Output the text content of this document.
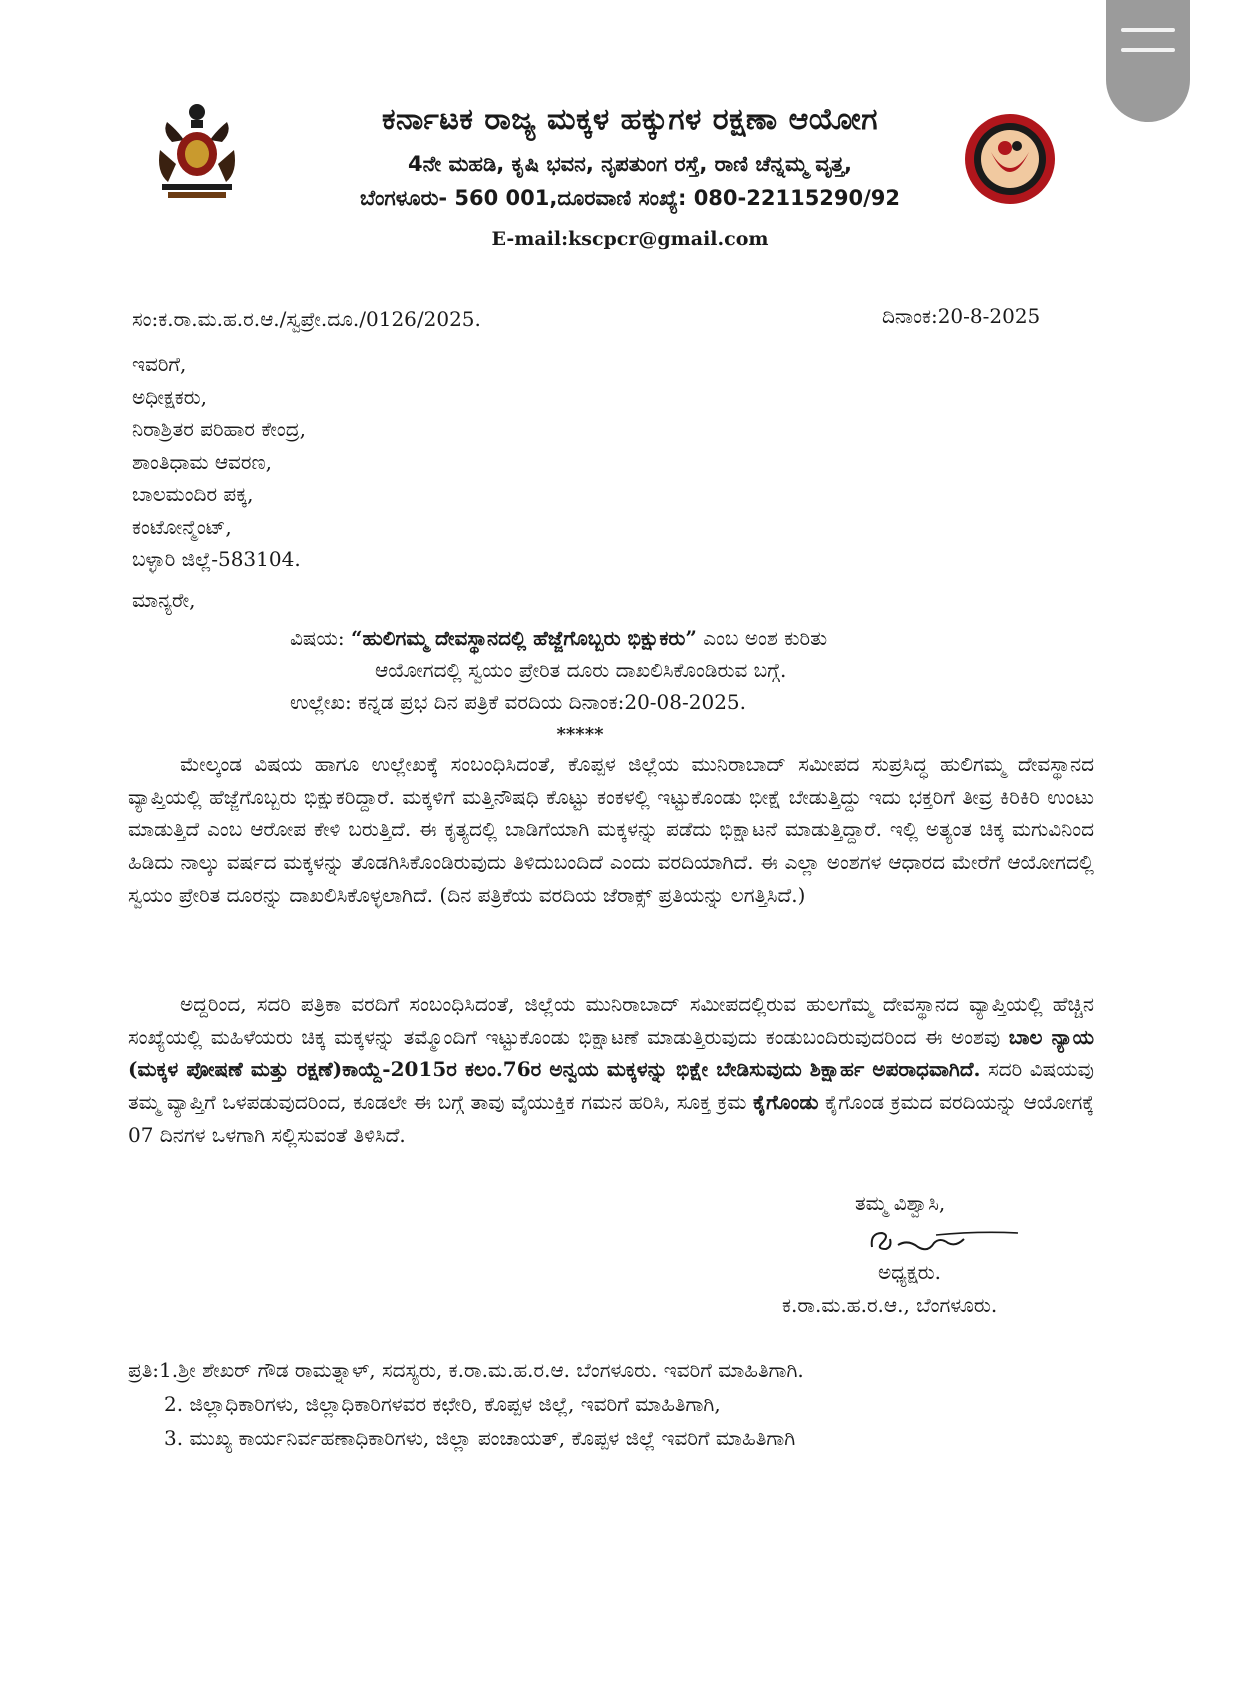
ಕರ್ನಾಟಕ ರಾಜ್ಯ ಮಕ್ಕಳ ಹಕ್ಕುಗಳ ರಕ್ಷಣಾ ಆಯೋಗ
4ನೇ ಮಹಡಿ, ಕೃಷಿ ಭವನ, ನೃಪತುಂಗ ರಸ್ತೆ, ರಾಣಿ ಚೆನ್ನಮ್ಮ ವೃತ್ತ,
ಬೆಂಗಳೂರು- 560 001,ದೂರವಾಣಿ ಸಂಖ್ಯೆ: 080-22115290/92
E-mail:kscpcr@gmail.com
ಸಂ:ಕ.ರಾ.ಮ.ಹ.ರ.ಆ./ಸ್ವಪ್ರೇ.ದೂ./0126/2025.	ದಿನಾಂಕ:20-8-2025
ಇವರಿಗೆ,
ಅಧೀಕ್ಷಕರು,
ನಿರಾಶ್ರಿತರ ಪರಿಹಾರ ಕೇಂದ್ರ,
ಶಾಂತಿಧಾಮ ಆವರಣ,
ಬಾಲಮಂದಿರ ಪಕ್ಕ,
ಕಂಟೋನ್ಮೆಂಟ್,
ಬಳ್ಳಾರಿ ಜಿಲ್ಲೆ-583104.
ಮಾನ್ಯರೇ,
ವಿಷಯ: “ಹುಲಿಗಮ್ಮ ದೇವಸ್ಥಾನದಲ್ಲಿ ಹೆಜ್ಜೆಗೊಬ್ಬರು ಭಿಕ್ಷುಕರು” ಎಂಬ ಅಂಶ ಕುರಿತು
ಆಯೋಗದಲ್ಲಿ ಸ್ವಯಂ ಪ್ರೇರಿತ ದೂರು ದಾಖಲಿಸಿಕೊಂಡಿರುವ ಬಗ್ಗೆ.
ಉಲ್ಲೇಖ: ಕನ್ನಡ ಪ್ರಭ ದಿನ ಪತ್ರಿಕೆ ವರದಿಯ ದಿನಾಂಕ:20-08-2025.
*****
ಮೇಲ್ಕಂಡ ವಿಷಯ ಹಾಗೂ ಉಲ್ಲೇಖಕ್ಕೆ ಸಂಬಂಧಿಸಿದಂತೆ, ಕೊಪ್ಪಳ ಜಿಲ್ಲೆಯ ಮುನಿರಾಬಾದ್ ಸಮೀಪದ ಸುಪ್ರಸಿದ್ಧ ಹುಲಿಗಮ್ಮ ದೇವಸ್ಥಾನದ ವ್ಯಾಪ್ತಿಯಲ್ಲಿ ಹೆಜ್ಜೆಗೊಬ್ಬರು ಭಿಕ್ಷುಕರಿದ್ದಾರೆ. ಮಕ್ಕಳಿಗೆ ಮತ್ತಿನೌಷಧಿ ಕೊಟ್ಟು ಕಂಕಳಲ್ಲಿ ಇಟ್ಟುಕೊಂಡು ಭೀಕ್ಷೆ ಬೇಡುತ್ತಿದ್ದು ಇದು ಭಕ್ತರಿಗೆ ತೀವ್ರ ಕಿರಿಕಿರಿ ಉಂಟು ಮಾಡುತ್ತಿದೆ ಎಂಬ ಆರೋಪ ಕೇಳಿ ಬರುತ್ತಿದೆ. ಈ ಕೃತ್ಯದಲ್ಲಿ ಬಾಡಿಗೆಯಾಗಿ ಮಕ್ಕಳನ್ನು ಪಡೆದು ಭಿಕ್ಷಾಟನೆ ಮಾಡುತ್ತಿದ್ದಾರೆ. ಇಲ್ಲಿ ಅತ್ಯಂತ ಚಿಕ್ಕ ಮಗುವಿನಿಂದ ಹಿಡಿದು ನಾಲ್ಕು ವರ್ಷದ ಮಕ್ಕಳನ್ನು ತೊಡಗಿಸಿಕೊಂಡಿರುವುದು ತಿಳಿದುಬಂದಿದೆ ಎಂದು ವರದಿಯಾಗಿದೆ. ಈ ಎಲ್ಲಾ ಅಂಶಗಳ ಆಧಾರದ ಮೇರೆಗೆ ಆಯೋಗದಲ್ಲಿ ಸ್ವಯಂ ಪ್ರೇರಿತ ದೂರನ್ನು ದಾಖಲಿಸಿಕೊಳ್ಳಲಾಗಿದೆ. (ದಿನ ಪತ್ರಿಕೆಯ ವರದಿಯ ಜೆರಾಕ್ಸ್ ಪ್ರತಿಯನ್ನು ಲಗತ್ತಿಸಿದೆ.)
ಅದ್ದರಿಂದ, ಸದರಿ ಪತ್ರಿಕಾ ವರದಿಗೆ ಸಂಬಂಧಿಸಿದಂತೆ, ಜಿಲ್ಲೆಯ ಮುನಿರಾಬಾದ್ ಸಮೀಪದಲ್ಲಿರುವ ಹುಲಗೆಮ್ಮ ದೇವಸ್ಥಾನದ ವ್ಯಾಪ್ತಿಯಲ್ಲಿ ಹೆಚ್ಚಿನ ಸಂಖ್ಯೆಯಲ್ಲಿ ಮಹಿಳೆಯರು ಚಿಕ್ಕ ಮಕ್ಕಳನ್ನು ತಮ್ಮೊಂದಿಗೆ ಇಟ್ಟುಕೊಂಡು ಭಿಕ್ಷಾಟಣೆ ಮಾಡುತ್ತಿರುವುದು ಕಂಡುಬಂದಿರುವುದರಿಂದ ಈ ಅಂಶವು ಬಾಲ ನ್ಯಾಯ (ಮಕ್ಕಳ ಪೋಷಣೆ ಮತ್ತು ರಕ್ಷಣೆ)ಕಾಯ್ದೆ-2015ರ ಕಲಂ.76ರ ಅನ್ವಯ ಮಕ್ಕಳನ್ನು ಭಿಕ್ಷೇ ಬೇಡಿಸುವುದು ಶಿಕ್ಷಾರ್ಹ ಅಪರಾಧವಾಗಿದೆ. ಸದರಿ ವಿಷಯವು ತಮ್ಮ ವ್ಯಾಪ್ತಿಗೆ ಒಳಪಡುವುದರಿಂದ, ಕೂಡಲೇ ಈ ಬಗ್ಗೆ ತಾವು ವೈಯುಕ್ತಿಕ ಗಮನ ಹರಿಸಿ, ಸೂಕ್ತ ಕ್ರಮ ಕೈಗೊಂಡು ಕೈಗೊಂಡ ಕ್ರಮದ ವರದಿಯನ್ನು ಆಯೋಗಕ್ಕೆ 07 ದಿನಗಳ ಒಳಗಾಗಿ ಸಲ್ಲಿಸುವಂತೆ ತಿಳಿಸಿದೆ.
ತಮ್ಮ ವಿಶ್ವಾಸಿ,
ಅಧ್ಯಕ್ಷರು.
ಕ.ರಾ.ಮ.ಹ.ರ.ಆ., ಬೆಂಗಳೂರು.
ಪ್ರತಿ:1.ಶ್ರೀ ಶೇಖರ್ ಗೌಡ ರಾಮತ್ನಾಳ್, ಸದಸ್ಯರು, ಕ.ರಾ.ಮ.ಹ.ರ.ಆ. ಬೆಂಗಳೂರು. ಇವರಿಗೆ ಮಾಹಿತಿಗಾಗಿ.
2. ಜಿಲ್ಲಾಧಿಕಾರಿಗಳು, ಜಿಲ್ಲಾಧಿಕಾರಿಗಳವರ ಕಛೇರಿ, ಕೊಪ್ಪಳ ಜಿಲ್ಲೆ, ಇವರಿಗೆ ಮಾಹಿತಿಗಾಗಿ,
3. ಮುಖ್ಯ ಕಾರ್ಯನಿರ್ವಹಣಾಧಿಕಾರಿಗಳು, ಜಿಲ್ಲಾ ಪಂಚಾಯತ್, ಕೊಪ್ಪಳ ಜಿಲ್ಲೆ ಇವರಿಗೆ ಮಾಹಿತಿಗಾಗಿ
